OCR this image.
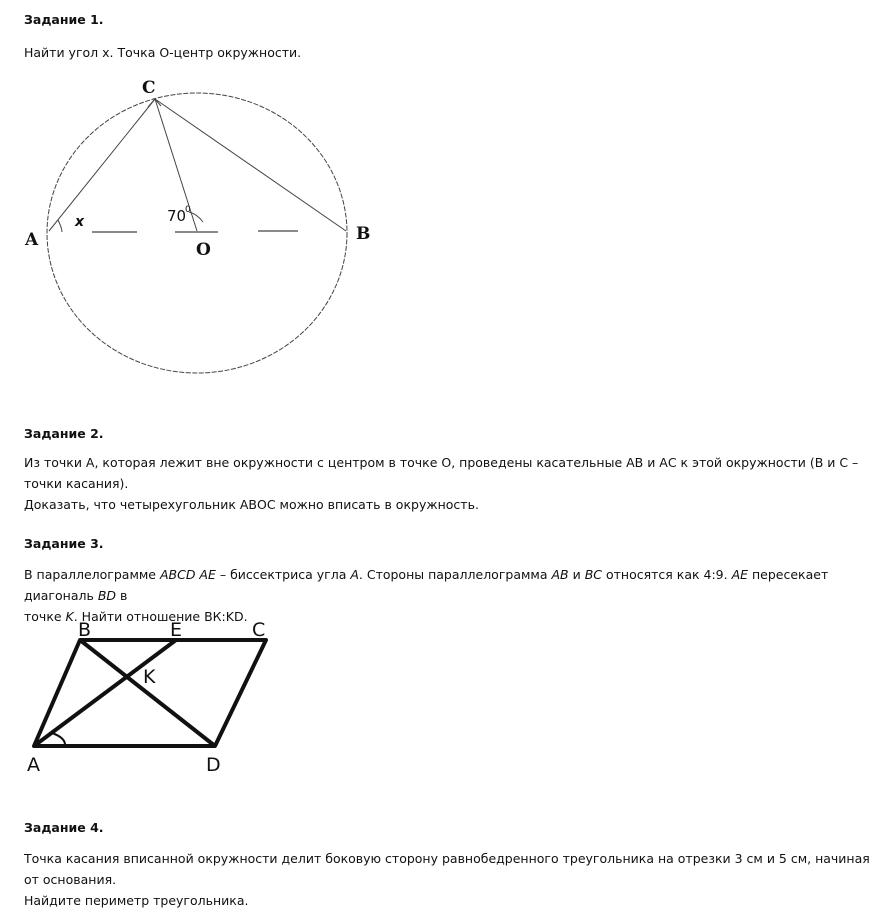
Задание 1.

Найти угол x. Точка О-центр окружности.

C
A	B
O
x	70
0

Задание 2.

Из точки А, которая лежит вне окружности с центром в точке О, проведены касательные АВ и АС к этой окружности (В и С – точки касания).
Доказать, что четырехугольник АВОС можно вписать в окружность.

Задание 3.

В параллелограмме ABCD AE – биссектриса угла A. Стороны параллелограмма AB и BC относятся как 4:9. AE пересекает диагональ BD в
точке K. Найти отношение ВК:KD.

B	E	C
K
A	D

Задание 4.

Точка касания вписанной окружности делит боковую сторону равнобедренного треугольника на отрезки 3 см и 5 см, начиная от основания.
Найдите периметр треугольника.
